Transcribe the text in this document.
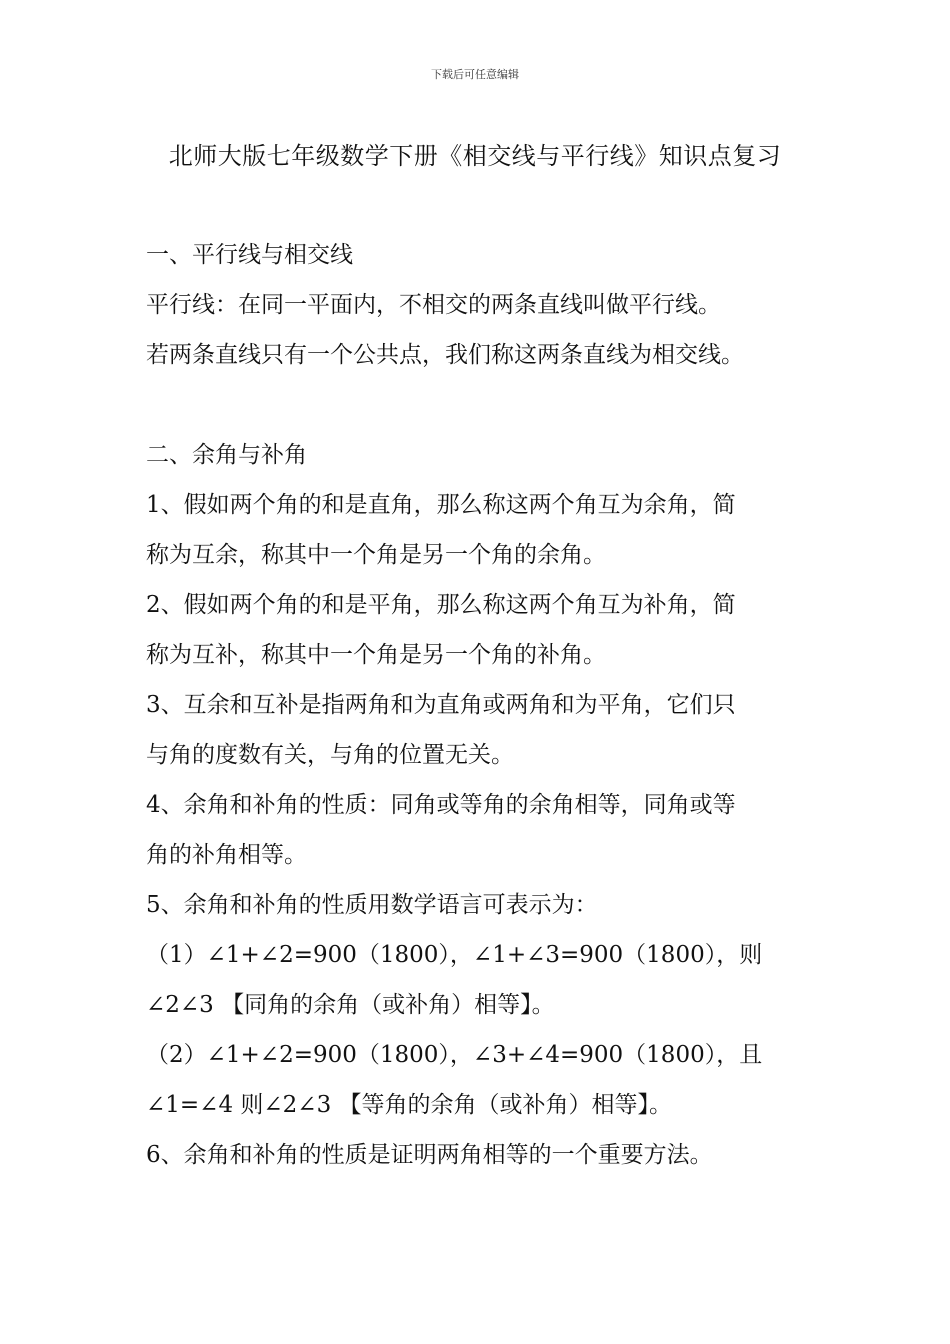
下载后可任意编辑
北师大版七年级数学下册《相交线与平行线》知识点复习
一、平行线与相交线
平行线：在同一平面内，不相交的两条直线叫做平行线。
若两条直线只有一个公共点，我们称这两条直线为相交线。
二、余角与补角
1、假如两个角的和是直角，那么称这两个角互为余角，简
称为互余，称其中一个角是另一个角的余角。
2、假如两个角的和是平角，那么称这两个角互为补角，简
称为互补，称其中一个角是另一个角的补角。
3、互余和互补是指两角和为直角或两角和为平角，它们只
与角的度数有关，与角的位置无关。
4、余角和补角的性质：同角或等角的余角相等，同角或等
角的补角相等。
5、余角和补角的性质用数学语言可表示为：
（1）∠1+∠2=900（1800），∠1+∠3=900（1800），则
∠2∠3 【同角的余角（或补角）相等】。
（2）∠1+∠2=900（1800），∠3+∠4=900（1800），且
∠1=∠4 则∠2∠3 【等角的余角（或补角）相等】。
6、余角和补角的性质是证明两角相等的一个重要方法。
